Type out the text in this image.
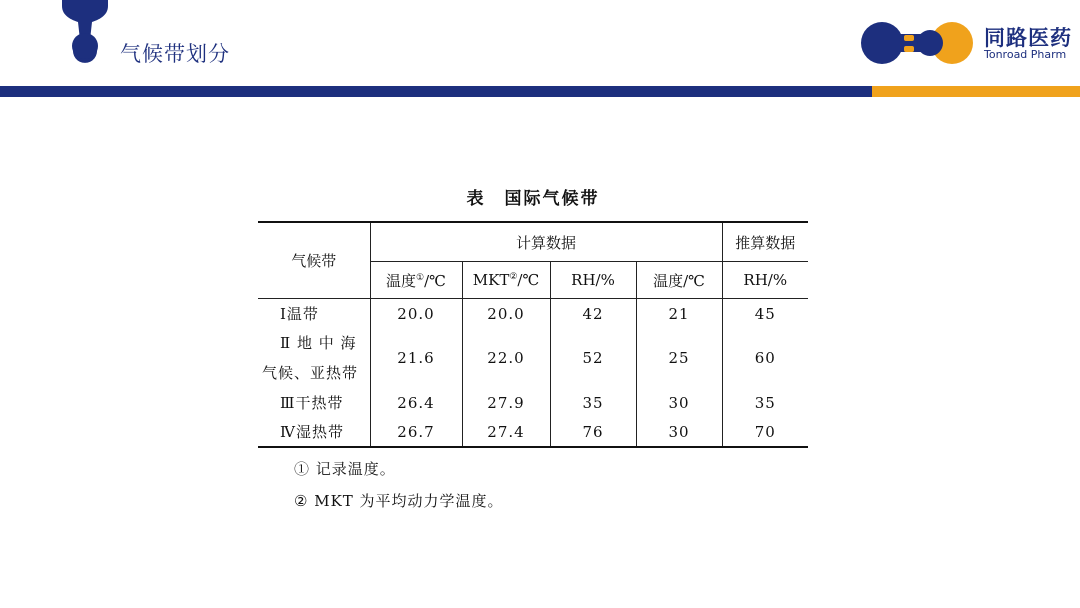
气候带划分
同路医药
Tonroad Pharm
表　国际气候带
气候带	计算数据				推算数据
	温度①/℃	MKT②/℃	RH/%	温度/℃	RH/%
Ⅰ温带	20.0	20.0	42	21	45

Ⅱ 地 中 海
气候、亚热带	21.6	22.0	52	25	60
Ⅲ干热带	26.4	27.9	35	30	35
Ⅳ湿热带	26.7	27.4	76	30	70
① 记录温度。
② MKT 为平均动力学温度。
